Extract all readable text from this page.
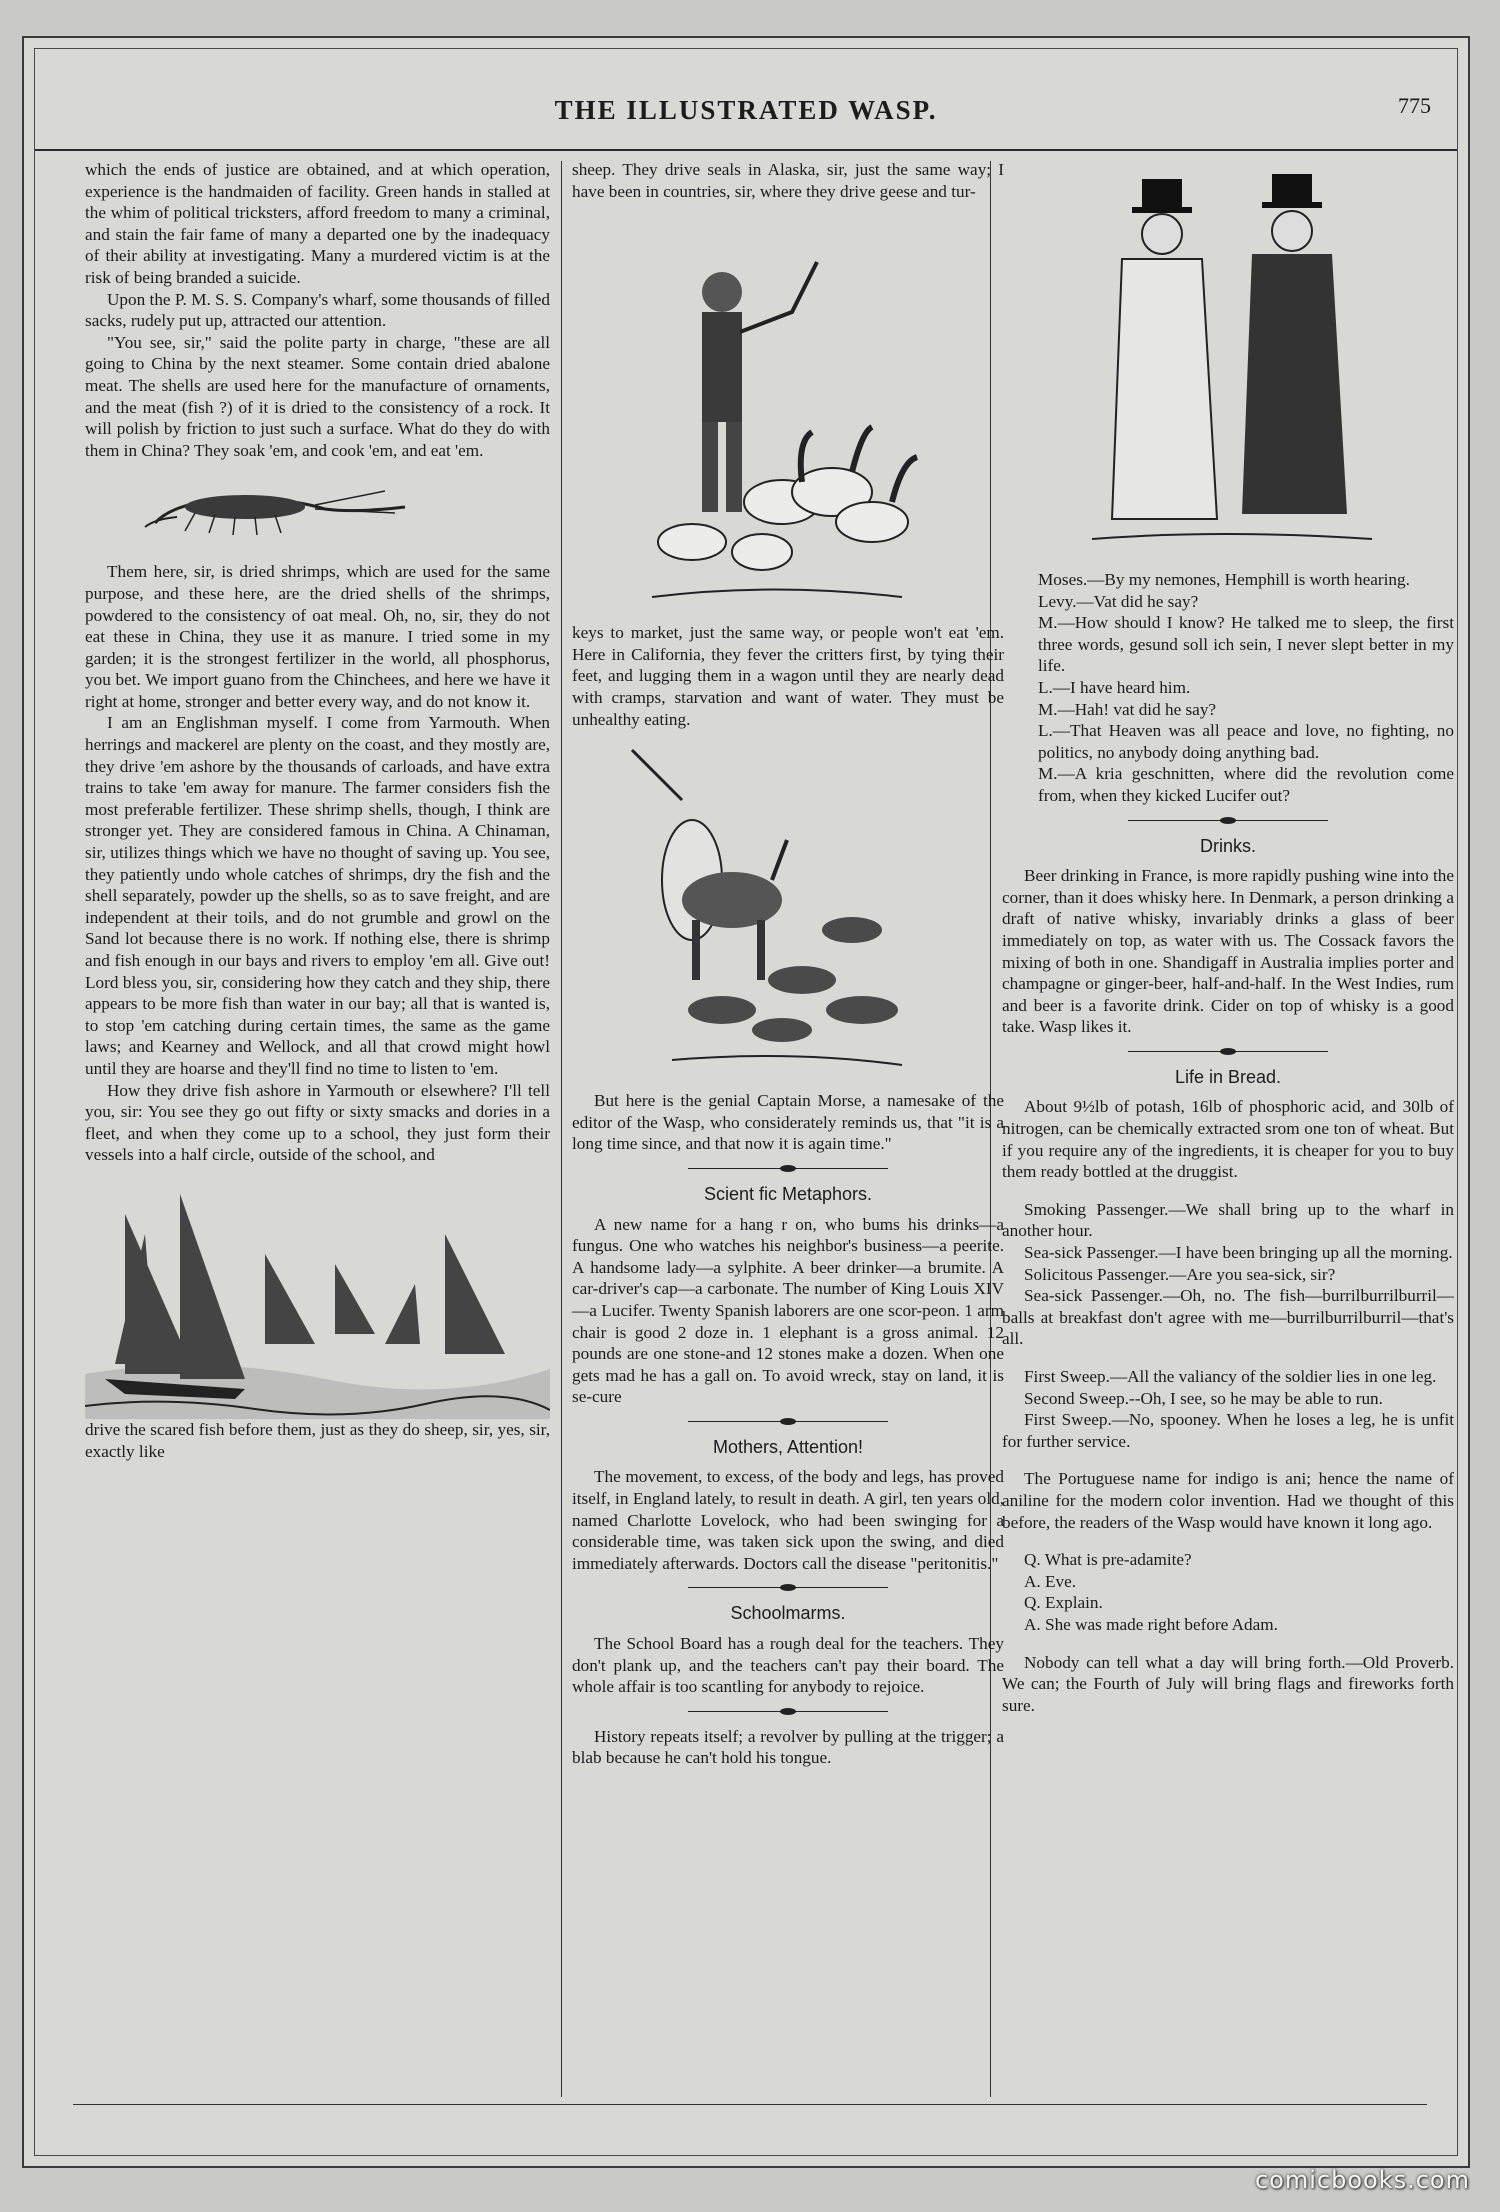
THE ILLUSTRATED WASP.	775

which the ends of justice are obtained, and at which operation, experience is the handmaiden of facility. Green hands in stalled at the whim of political tricksters, afford freedom to many a criminal, and stain the fair fame of many a departed one by the inadequacy of their ability at investigating. Many a murdered victim is at the risk of being branded a suicide.

Upon the P. M. S. S. Company's wharf, some thousands of filled sacks, rudely put up, attracted our attention.

"You see, sir," said the polite party in charge, "these are all going to China by the next steamer. Some contain dried abalone meat. The shells are used here for the manufacture of ornaments, and the meat (fish ?) of it is dried to the consistency of a rock. It will polish by friction to just such a surface. What do they do with them in China? They soak 'em, and cook 'em, and eat 'em.

Them here, sir, is dried shrimps, which are used for the same purpose, and these here, are the dried shells of the shrimps, powdered to the consistency of oat meal. Oh, no, sir, they do not eat these in China, they use it as manure. I tried some in my garden; it is the strongest fertilizer in the world, all phosphorus, you bet. We import guano from the Chinchees, and here we have it right at home, stronger and better every way, and do not know it.

I am an Englishman myself. I come from Yarmouth. When herrings and mackerel are plenty on the coast, and they mostly are, they drive 'em ashore by the thousands of carloads, and have extra trains to take 'em away for manure. The farmer considers fish the most preferable fertilizer. These shrimp shells, though, I think are stronger yet. They are considered famous in China. A Chinaman, sir, utilizes things which we have no thought of saving up. You see, they patiently undo whole catches of shrimps, dry the fish and the shell separately, powder up the shells, so as to save freight, and are independent at their toils, and do not grumble and growl on the Sand lot because there is no work. If nothing else, there is shrimp and fish enough in our bays and rivers to employ 'em all. Give out! Lord bless you, sir, considering how they catch and they ship, there appears to be more fish than water in our bay; all that is wanted is, to stop 'em catching during certain times, the same as the game laws; and Kearney and Wellock, and all that crowd might howl until they are hoarse and they'll find no time to listen to 'em.

How they drive fish ashore in Yarmouth or elsewhere? I'll tell you, sir: You see they go out fifty or sixty smacks and dories in a fleet, and when they come up to a school, they just form their vessels into a half circle, outside of the school, and

drive the scared fish before them, just as they do sheep, sir, yes, sir, exactly like

sheep. They drive seals in Alaska, sir, just the same way; I have been in countries, sir, where they drive geese and tur-

keys to market, just the same way, or people won't eat 'em. Here in California, they fever the critters first, by tying their feet, and lugging them in a wagon until they are nearly dead with cramps, starvation and want of water. They must be unhealthy eating.

But here is the genial Captain Morse, a namesake of the editor of the Wasp, who considerately reminds us, that "it is a long time since, and that now it is again time."

Scient fic Metaphors.

A new name for a hang r on, who bums his drinks—a fungus. One who watches his neighbor's business—a peerite. A handsome lady—a sylphite. A beer drinker—a brumite. A car-driver's cap—a carbonate. The number of King Louis XIV—a Lucifer. Twenty Spanish laborers are one scor-peon. 1 arm chair is good 2 doze in. 1 elephant is a gross animal. 12 pounds are one stone-and 12 stones make a dozen. When one gets mad he has a gall on. To avoid wreck, stay on land, it is se-cure

Mothers, Attention!

The movement, to excess, of the body and legs, has proved itself, in England lately, to result in death. A girl, ten years old, named Charlotte Lovelock, who had been swinging for a considerable time, was taken sick upon the swing, and died immediately afterwards. Doctors call the disease "peritonitis."

Schoolmarms.

The School Board has a rough deal for the teachers. They don't plank up, and the teachers can't pay their board. The whole affair is too scantling for anybody to rejoice.

History repeats itself; a revolver by pulling at the trigger; a blab because he can't hold his tongue.

Moses.—By my nemones, Hemphill is worth hearing.

Levy.—Vat did he say?

M.—How should I know? He talked me to sleep, the first three words, gesund soll ich sein, I never slept better in my life.

L.—I have heard him.

M.—Hah! vat did he say?

L.—That Heaven was all peace and love, no fighting, no politics, no anybody doing anything bad.

M.—A kria geschnitten, where did the revolution come from, when they kicked Lucifer out?

Drinks.

Beer drinking in France, is more rapidly pushing wine into the corner, than it does whisky here. In Denmark, a person drinking a draft of native whisky, invariably drinks a glass of beer immediately on top, as water with us. The Cossack favors the mixing of both in one. Shandigaff in Australia implies porter and champagne or ginger-beer, half-and-half. In the West Indies, rum and beer is a favorite drink. Cider on top of whisky is a good take. Wasp likes it.

Life in Bread.

About 9½lb of potash, 16lb of phosphoric acid, and 30lb of nitrogen, can be chemically extracted srom one ton of wheat. But if you require any of the ingredients, it is cheaper for you to buy them ready bottled at the druggist.

Smoking Passenger.—We shall bring up to the wharf in another hour.

Sea-sick Passenger.—I have been bringing up all the morning.

Solicitous Passenger.—Are you sea-sick, sir?

Sea-sick Passenger.—Oh, no. The fish—burrilburrilburril—balls at breakfast don't agree with me—burrilburrilburril—that's all.

First Sweep.—All the valiancy of the soldier lies in one leg.

Second Sweep.--Oh, I see, so he may be able to run.

First Sweep.—No, spooney. When he loses a leg, he is unfit for further service.

The Portuguese name for indigo is ani; hence the name of aniline for the modern color invention. Had we thought of this before, the readers of the Wasp would have known it long ago.

Q. What is pre-adamite?

A. Eve.

Q. Explain.

A. She was made right before Adam.

Nobody can tell what a day will bring forth.—Old Proverb. We can; the Fourth of July will bring flags and fireworks forth sure.

comicbooks.com
